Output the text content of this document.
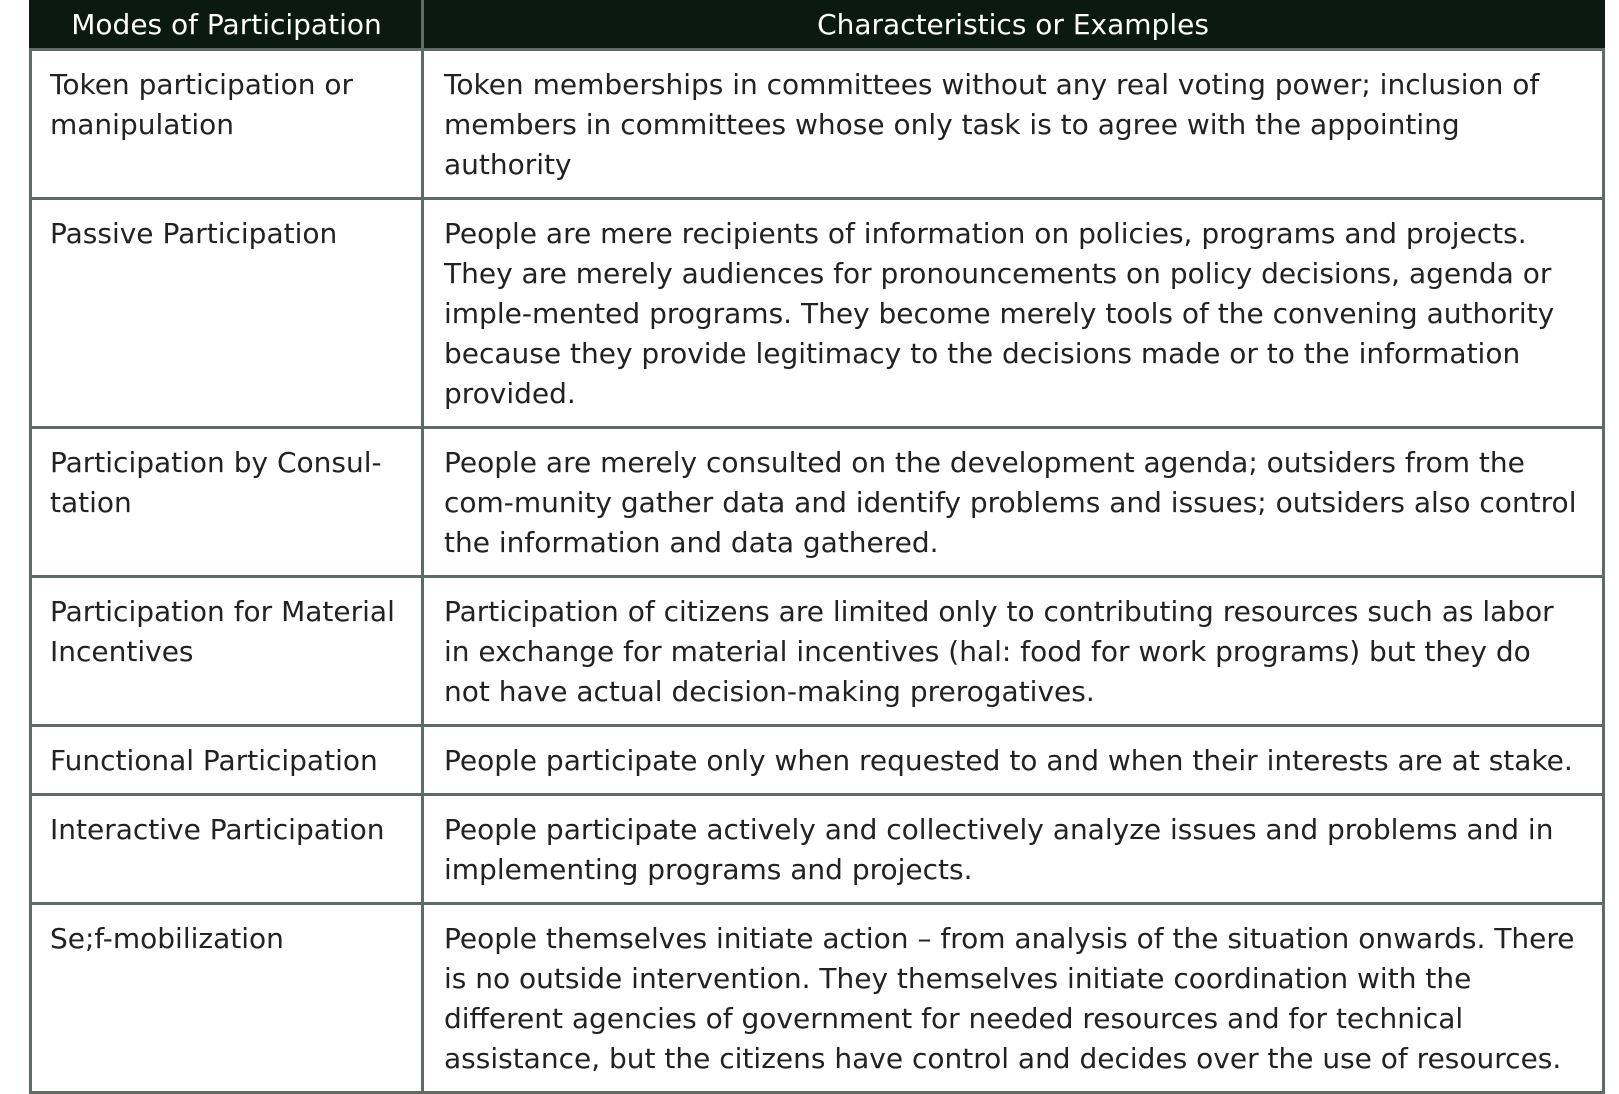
Modes of Participation	Characteristics or Examples
Token participation or manipulation	Token memberships in committees without any real voting power; inclusion of members in committees whose only task is to agree with the appointing authority
Passive Participation	People are mere recipients of information on policies, programs and projects. They are merely audiences for pronouncements on policy decisions, agenda or imple-mented programs. They become merely tools of the convening authority because they provide legitimacy to the decisions made or to the information provided.
Participation by Consul-tation	People are merely consulted on the development agenda; outsiders from the com-munity gather data and identify problems and issues; outsiders also control the information and data gathered.
Participation for Material Incentives	Participation of citizens are limited only to contributing resources such as labor in exchange for material incentives (hal: food for work programs) but they do not have actual decision-making prerogatives.
Functional Participation	People participate only when requested to and when their interests are at stake.
Interactive Participation	People participate actively and collectively analyze issues and problems and in implementing programs and projects.
Se;f-mobilization	People themselves initiate action – from analysis of the situation onwards. There is no outside intervention. They themselves initiate coordination with the different agencies of government for needed resources and for technical assistance, but the citizens have control and decides over the use of resources.
